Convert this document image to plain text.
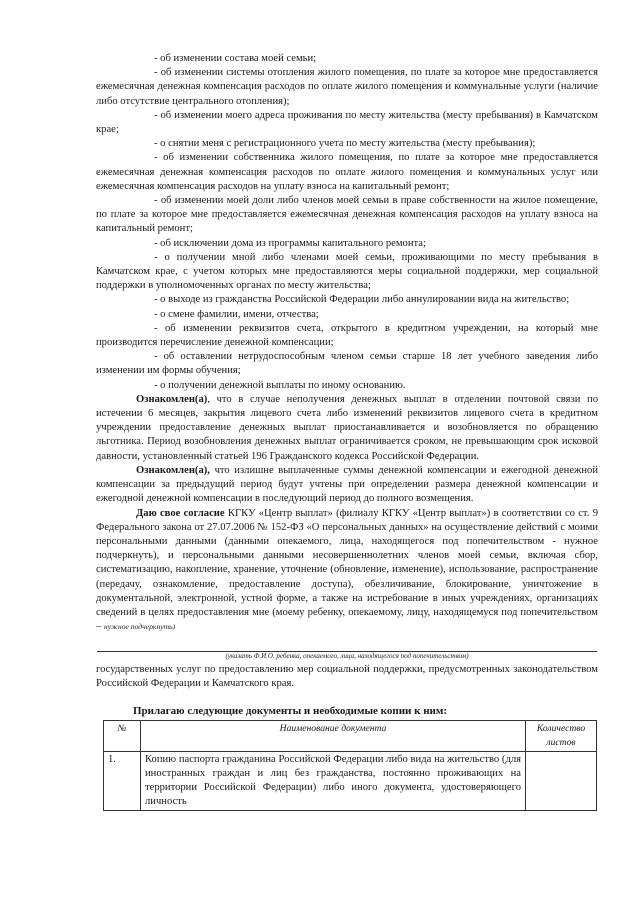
- об изменении состава моей семьи;

- об изменении системы отопления жилого помещения, по плате за которое мне предоставляется ежемесячная денежная компенсация расходов по оплате жилого помещения и коммунальные услуги (наличие либо отсутствие центрального отопления);

- об изменении моего адреса проживания по месту жительства (месту пребывания) в Камчатском крае;

- о снятии меня с регистрационного учета по месту жительства (месту пребывания);

- об изменении собственника жилого помещения, по плате за которое мне предоставляется ежемесячная денежная компенсация расходов по оплате жилого помещения и коммунальных услуг или ежемесячная компенсация расходов на уплату взноса на капитальный ремонт;

- об изменении моей доли либо членов моей семьи в праве собственности на жилое помещение, по плате за которое мне предоставляется ежемесячная денежная компенсация расходов на уплату взноса на капитальный ремонт;

- об исключении дома из программы капитального ремонта;

- о получении мной либо членами моей семьи, проживающими по месту пребывания в Камчатском крае, с учетом которых мне предоставляются меры социальной поддержки, мер социальной поддержки в уполномоченных органах по месту жительства;

- о выходе из гражданства Российской Федерации либо аннулировании вида на жительство;

- о смене фамилии, имени, отчества;

- об изменении реквизитов счета, открытого в кредитном учреждении, на который мне производится перечисление денежной компенсации;

- об оставлении нетрудоспособным членом семьи старше 18 лет учебного заведения либо изменении им формы обучения;

- о получении денежной выплаты по иному основанию.

Ознакомлен(а), что в случае неполучения денежных выплат в отделении почтовой связи по истечении 6 месяцев, закрытия лицевого счета либо изменений реквизитов лицевого счета в кредитном учреждении предоставление денежных выплат приостанавливается и возобновляется по обращению льготника. Период возобновления денежных выплат ограничивается сроком, не превышающим срок исковой давности, установленный статьей 196 Гражданского кодекса Российской Федерации.

Ознакомлен(а), что излишне выплаченные суммы денежной компенсации и ежегодной денежной компенсации за предыдущий период будут учтены при определении размера денежной компенсации и ежегодной денежной компенсации в последующий период до полного возмещения.

Даю свое согласие КГКУ «Центр выплат» (филиалу КГКУ «Центр выплат») в соответствии со ст. 9 Федерального закона от 27.07.2006 № 152-ФЗ «О персональных данных» на осуществление действий с моими персональными данными (данными опекаемого, лица, находящегося под попечительством - нужное подчеркнуть), и персональными данными несовершеннолетних членов моей семьи, включая сбор, систематизацию, накопление, хранение, уточнение (обновление, изменение), использование, распространение (передачу, ознакомление, предоставление доступа), обезличивание, блокирование, уничтожение в документальной, электронной, устной форме, а также на истребование в иных учреждениях, организациях сведений в целях предоставления мне (моему ребенку, опекаемому, лицу, находящемуся под попечительством – нужное подчеркнуть)

(указать Ф.И.О. ребенка, опекаемого, лица, находящегося под попечительством)
государственных услуг по предоставлению мер социальной поддержки, предусмотренных законодательством Российской Федерации и Камчатского края.
Прилагаю следующие документы и необходимые копии к ним:
№	Наименование документа	Количество листов
1.	Копию паспорта гражданина Российской Федерации либо вида на жительство (для иностранных граждан и лиц без гражданства, постоянно проживающих на территории Российской Федерации) либо иного документа, удостоверяющего личность	
